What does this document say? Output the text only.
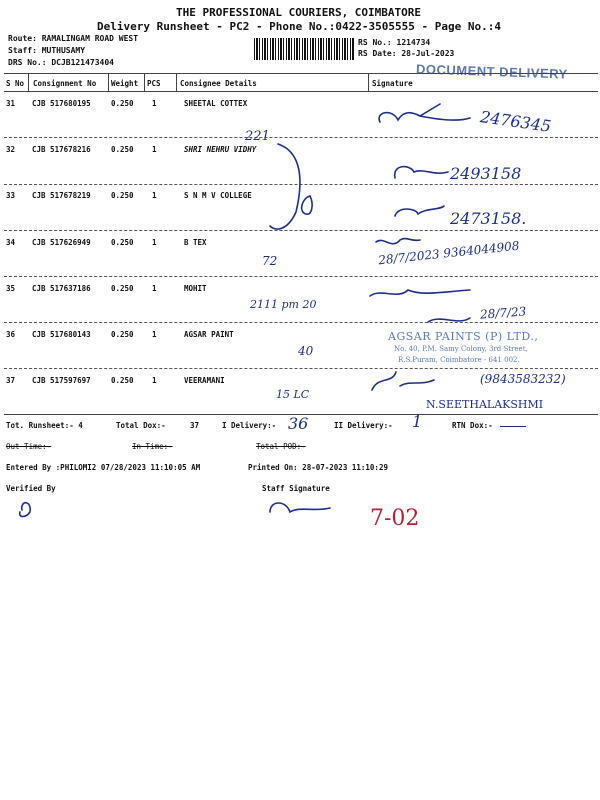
THE PROFESSIONAL COURIERS, COIMBATORE
Delivery Runsheet - PC2 - Phone No.:0422-3505555 - Page No.:4
Route: RAMALINGAM ROAD WEST
Staff: MUTHUSAMY
DRS No.: DCJB121473404
RS No.: 1214734
RS Date: 28-Jul-2023
DOCUMENT DELIVERY
S No Consignment No Weight PCS	Consignee Details	Signature
31 CJB 517680195	0.250 1	SHEETAL COTTEX
2476345
32 CJB 517678216	0.250 1	SHRI NEHRU VIDHY
221
2493158
33 CJB 517678219	0.250 1	S N M V COLLEGE
2473158.
34 CJB 517626949	0.250 1	B TEX
72	28/7/2023 9364044908
35 CJB 517637186	0.250 1	MOHIT
2111 pm 20	28/7/23
36 CJB 517680143	0.250 1	AGSAR PAINT
40
AGSAR PAINTS (P) LTD.,
No. 40, P.M. Samy Colony, 3rd Street,
R.S.Puram, Coimbatore - 641 002.
37 CJB 517597697	0.250 1	VEERAMANI
15 LC
(9843583232)
N.SEETHALAKSHMI
Tot. Runsheet:- 4	Total Dox:-	37	I Delivery:- 36	II Delivery:- 1	RTN Dox:-
Out Time:-	In Time:-	Total POD:-
Entered By :PHILOMI2 07/28/2023 11:10:05 AM	Printed On: 28-07-2023 11:10:29
Verified By	Staff Signature
7-02
